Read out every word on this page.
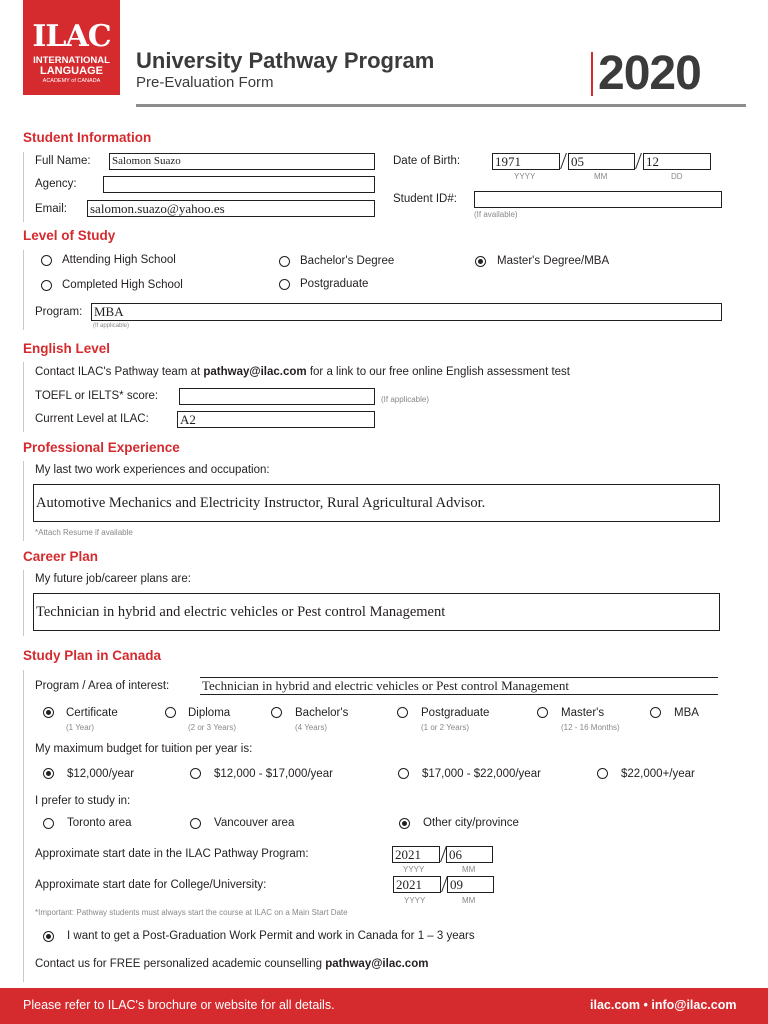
ILAC
INTERNATIONAL
LANGUAGE
ACADEMY of CANADA
University Pathway Program
Pre-Evaluation Form	2020
Student Information
Full Name: Salomon Suazo
Agency:
Email: salomon.suazo@yahoo.es
Date of Birth:	1971	05	12
YYYY	MM	DD
Student ID#:
(If available)
Level of Study
Attending High School
Completed High School
Bachelor's Degree
Postgraduate
Master's Degree/MBA
Program: MBA
(If applicable)
English Level
Contact ILAC's Pathway team at pathway@ilac.com for a link to our free online English assessment test
TOEFL or IELTS* score:	(If applicable)
Current Level at ILAC: A2
Professional Experience
My last two work experiences and occupation:
Automotive Mechanics and Electricity Instructor, Rural Agricultural Advisor.
*Attach Resume if available
Career Plan
My future job/career plans are:
Technician in hybrid and electric vehicles or Pest control Management
Study Plan in Canada
Program / Area of interest:	Technician in hybrid and electric vehicles or Pest control Management
Certificate
(1 Year)
Diploma
(2 or 3 Years)
Bachelor's
(4 Years)
Postgraduate
(1 or 2 Years)
Master's
(12 - 16 Months)
MBA
My maximum budget for tuition per year is:
$12,000/year	$12,000 - $17,000/year	$17,000 - $22,000/year	$22,000+/year
I prefer to study in:
Toronto area	Vancouver area	Other city/province
Approximate start date in the ILAC Pathway Program:	2021	06
YYYY	MM
Approximate start date for College/University:	2021	09
YYYY	MM
*Important: Pathway students must always start the course at ILAC on a Main Start Date
I want to get a Post-Graduation Work Permit and work in Canada for 1 – 3 years
Contact us for FREE personalized academic counselling pathway@ilac.com
Please refer to ILAC's brochure or website for all details.	ilac.com • info@ilac.com
